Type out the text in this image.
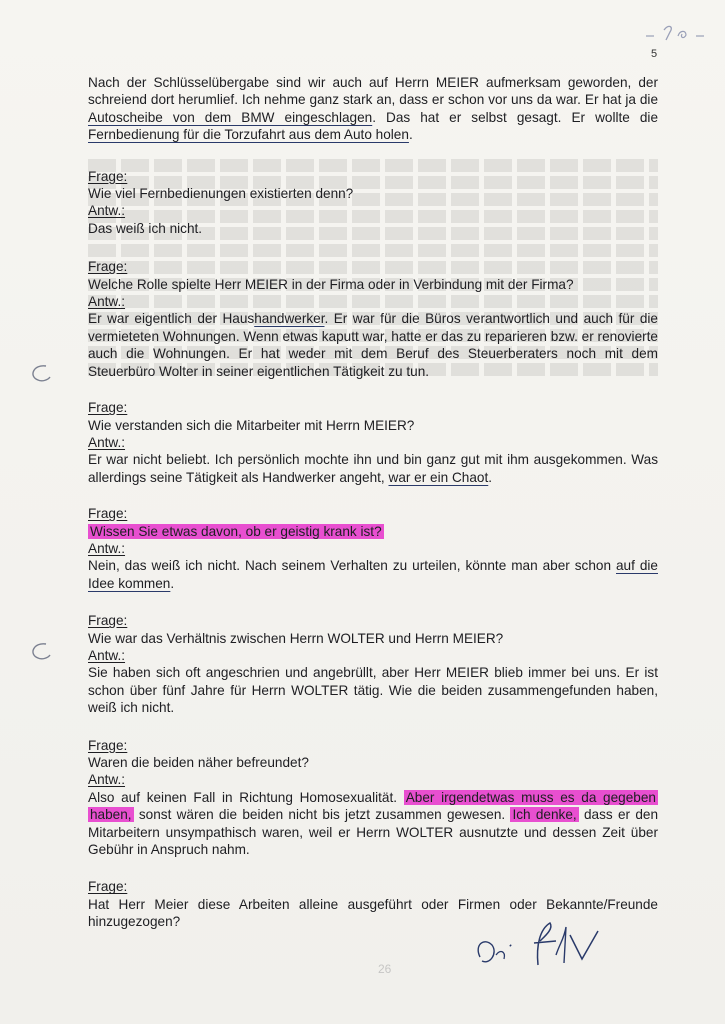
5

Nach der Schlüsselübergabe sind wir auch auf Herrn MEIER aufmerksam geworden, der schreiend dort herumlief. Ich nehme ganz stark an, dass er schon vor uns da war. Er hat ja die Autoscheibe von dem BMW eingeschlagen. Das hat er selbst gesagt. Er wollte die Fernbedienung für die Torzufahrt aus dem Auto holen.

Frage:

Wie viel Fernbedienungen existierten denn?

Antw.:

Das weiß ich nicht.

Frage:

Welche Rolle spielte Herr MEIER in der Firma oder in Verbindung mit der Firma?

Antw.:

Er war eigentlich der Haushandwerker. Er war für die Büros verantwortlich und auch für die vermieteten Wohnungen. Wenn etwas kaputt war, hatte er das zu reparieren bzw. er renovierte auch die Wohnungen. Er hat weder mit dem Beruf des Steuerberaters noch mit dem Steuerbüro Wolter in seiner eigentlichen Tätigkeit zu tun.

Frage:

Wie verstanden sich die Mitarbeiter mit Herrn MEIER?

Antw.:

Er war nicht beliebt. Ich persönlich mochte ihn und bin ganz gut mit ihm ausgekommen. Was allerdings seine Tätigkeit als Handwerker angeht, war er ein Chaot.

Frage:

Wissen Sie etwas davon, ob er geistig krank ist?

Antw.:

Nein, das weiß ich nicht. Nach seinem Verhalten zu urteilen, könnte man aber schon auf die Idee kommen.

Frage:

Wie war das Verhältnis zwischen Herrn WOLTER und Herrn MEIER?

Antw.:

Sie haben sich oft angeschrien und angebrüllt, aber Herr MEIER blieb immer bei uns. Er ist schon über fünf Jahre für Herrn WOLTER tätig. Wie die beiden zusammengefunden haben, weiß ich nicht.

Frage:

Waren die beiden näher befreundet?

Antw.:

Also auf keinen Fall in Richtung Homosexualität. Aber irgendetwas muss es da gegeben haben, sonst wären die beiden nicht bis jetzt zusammen gewesen. Ich denke, dass er den Mitarbeitern unsympathisch waren, weil er Herrn WOLTER ausnutzte und dessen Zeit über Gebühr in Anspruch nahm.

Frage:

Hat Herr Meier diese Arbeiten alleine ausgeführt oder Firmen oder Bekannte/Freunde hinzugezogen?

26
